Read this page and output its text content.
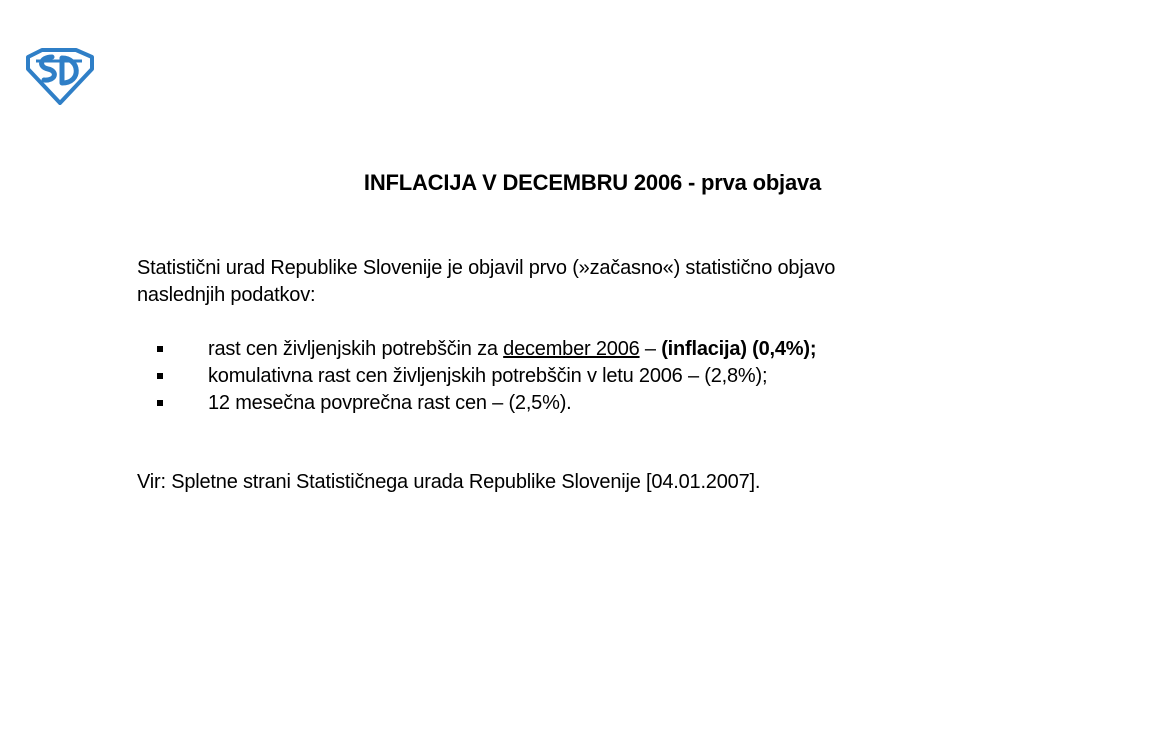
INFLACIJA V DECEMBRU 2006 - prva objava

Statistični urad Republike Slovenije je objavil prvo (»začasno«) statistično objavo
naslednjih podatkov:

rast cen življenjskih potrebščin za december 2006 – (inflacija) (0,4%);
komulativna rast cen življenjskih potrebščin v letu 2006 – (2,8%);
12 mesečna povprečna rast cen – (2,5%).

Vir: Spletne strani Statističnega urada Republike Slovenije [04.01.2007].
